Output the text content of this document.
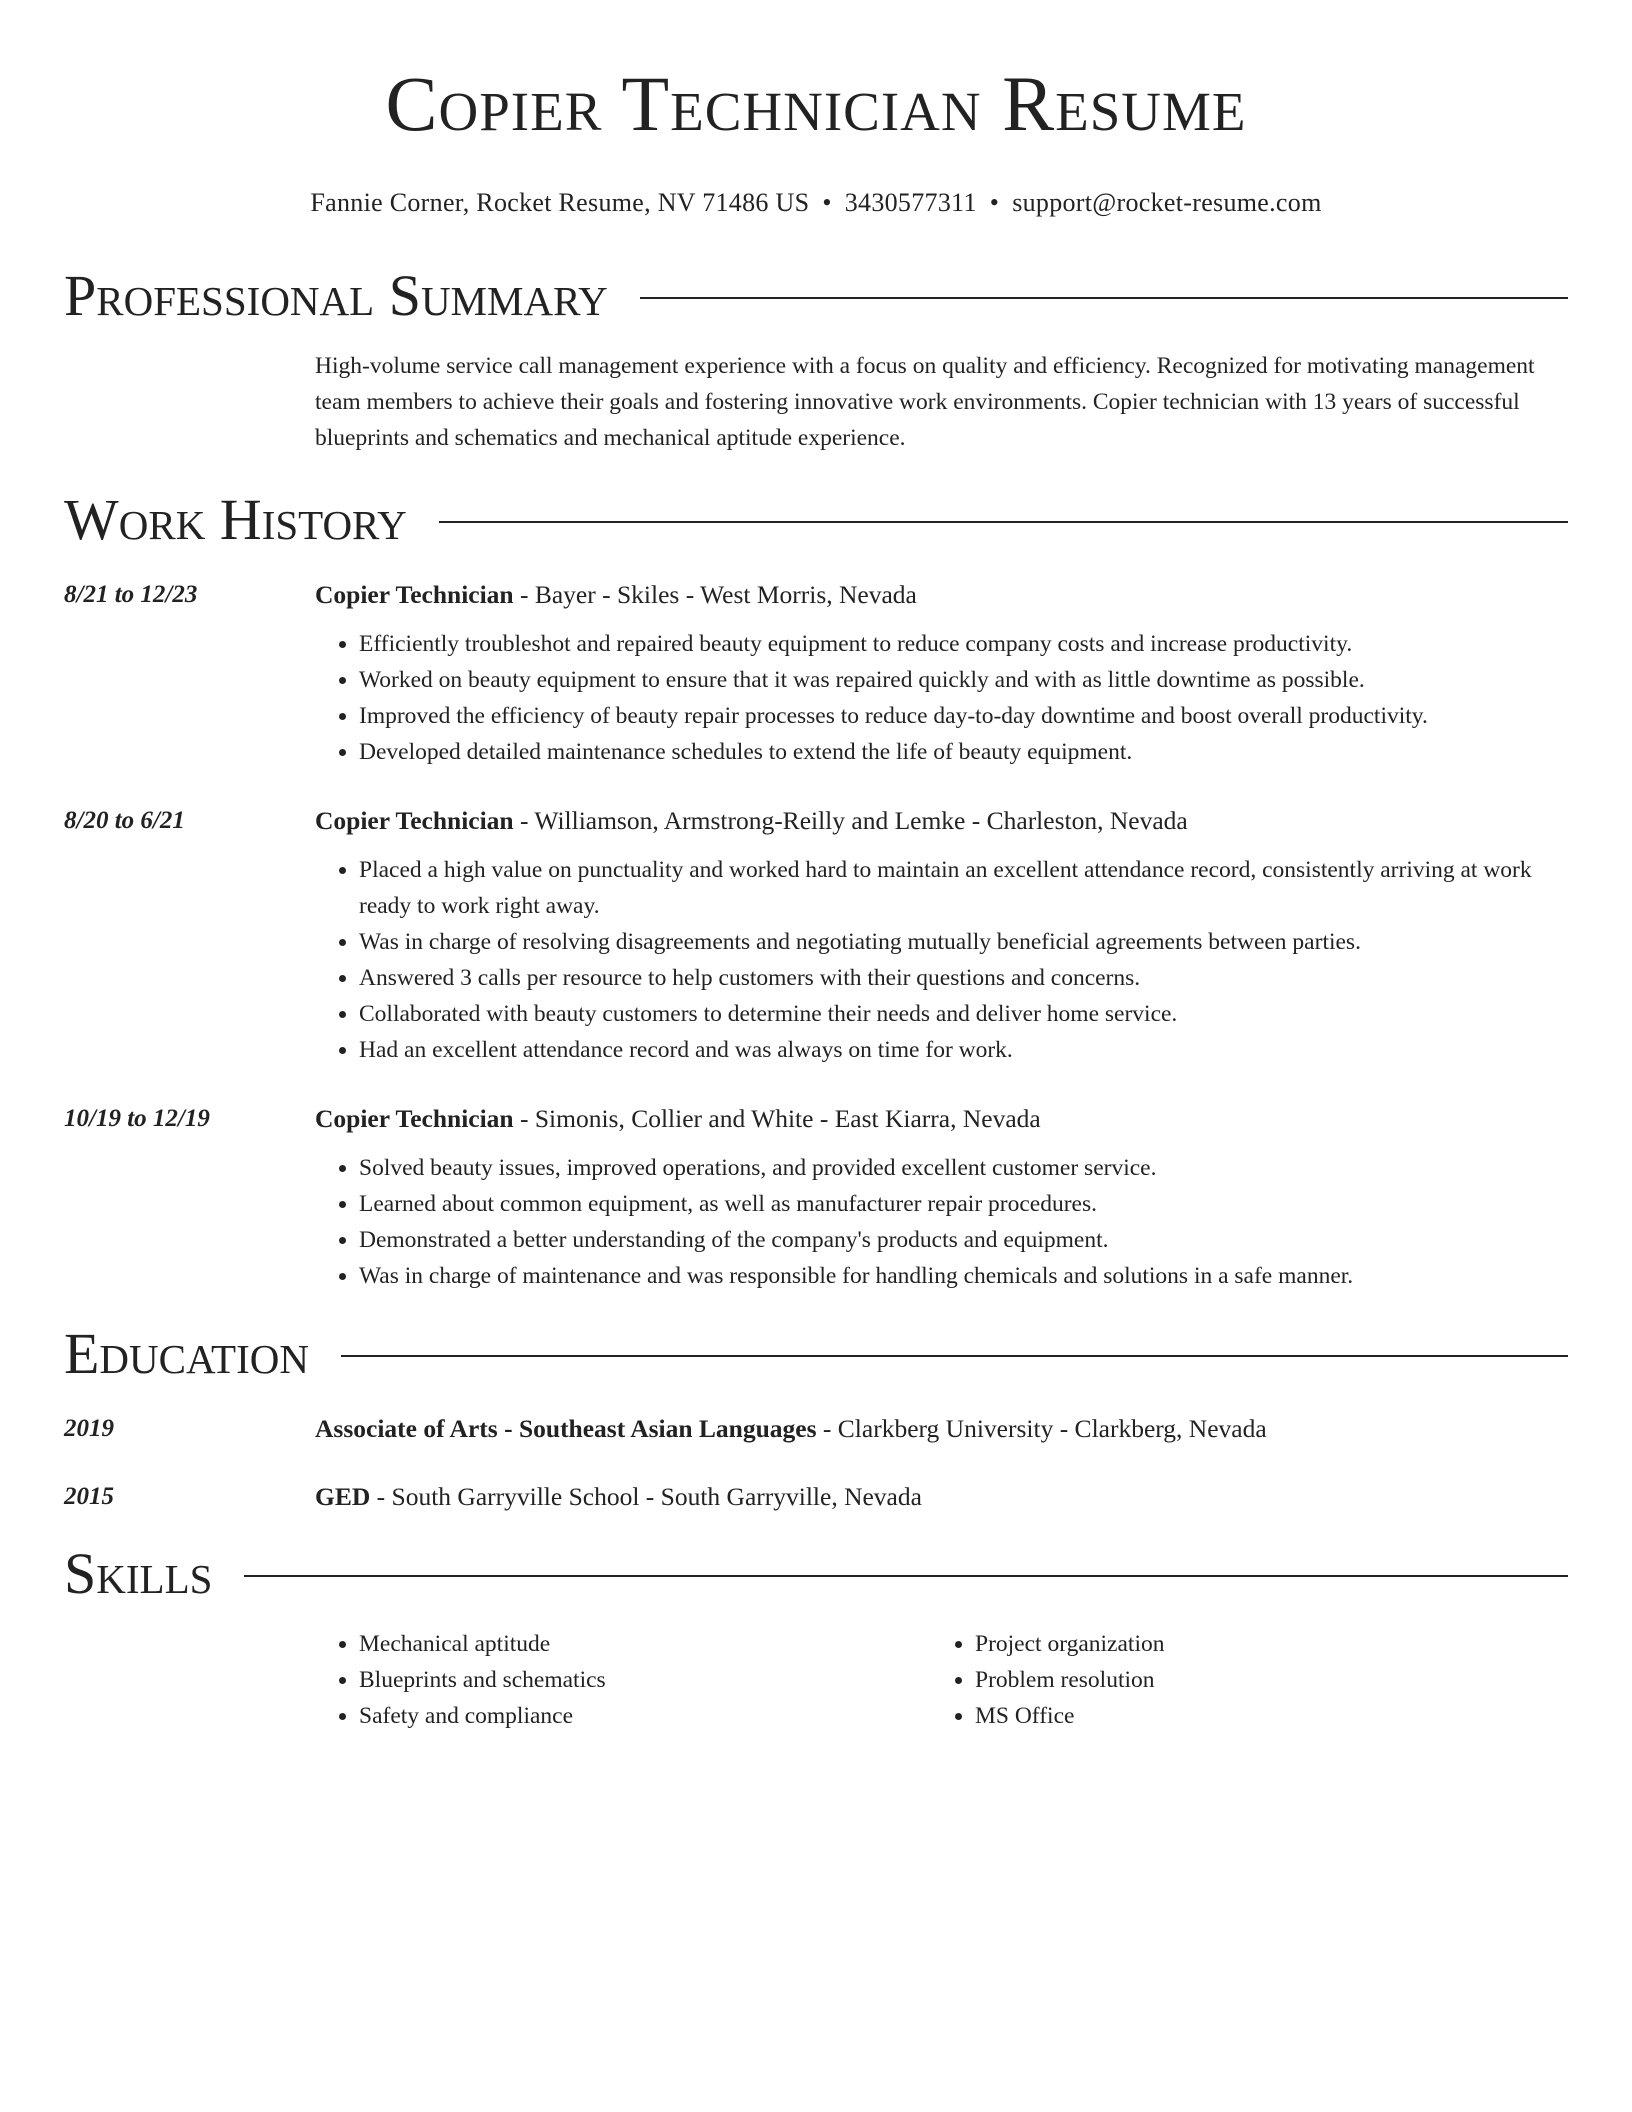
Copier Technician Resume
Fannie Corner, Rocket Resume, NV 71486 US • 3430577311 • support@rocket-resume.com
Professional Summary
High-volume service call management experience with a focus on quality and efficiency. Recognized for motivating management team members to achieve their goals and fostering innovative work environments. Copier technician with 13 years of successful blueprints and schematics and mechanical aptitude experience.
Work History
8/21 to 12/23	Copier Technician - Bayer - Skiles - West Morris, Nevada
• Efficiently troubleshot and repaired beauty equipment to reduce company costs and increase productivity.
• Worked on beauty equipment to ensure that it was repaired quickly and with as little downtime as possible.
• Improved the efficiency of beauty repair processes to reduce day-to-day downtime and boost overall productivity.
• Developed detailed maintenance schedules to extend the life of beauty equipment.
8/20 to 6/21	Copier Technician - Williamson, Armstrong-Reilly and Lemke - Charleston, Nevada
• Placed a high value on punctuality and worked hard to maintain an excellent attendance record, consistently arriving at work ready to work right away.
• Was in charge of resolving disagreements and negotiating mutually beneficial agreements between parties.
• Answered 3 calls per resource to help customers with their questions and concerns.
• Collaborated with beauty customers to determine their needs and deliver home service.
• Had an excellent attendance record and was always on time for work.
10/19 to 12/19	Copier Technician - Simonis, Collier and White - East Kiarra, Nevada
• Solved beauty issues, improved operations, and provided excellent customer service.
• Learned about common equipment, as well as manufacturer repair procedures.
• Demonstrated a better understanding of the company's products and equipment.
• Was in charge of maintenance and was responsible for handling chemicals and solutions in a safe manner.
Education
2019	Associate of Arts - Southeast Asian Languages - Clarkberg University - Clarkberg, Nevada
2015	GED - South Garryville School - South Garryville, Nevada
Skills
• Mechanical aptitude
• Blueprints and schematics
• Safety and compliance
• Project organization
• Problem resolution
• MS Office
